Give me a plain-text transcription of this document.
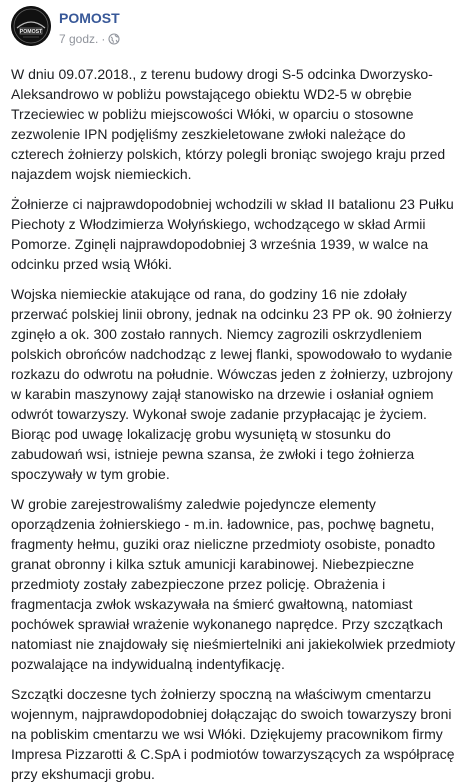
POMOST
POMOST
7 godz. ·

W dniu 09.07.2018., z terenu budowy drogi S-5 odcinka Dworzysko-Aleksandrowo w pobliżu powstającego obiektu WD2-5 w obrębie Trzeciewiec w pobliżu miejscowości Włóki, w oparciu o stosowne zezwolenie IPN podjęliśmy zeszkieletowane zwłoki należące do czterech żołnierzy polskich, którzy polegli broniąc swojego kraju przed najazdem wojsk niemieckich.

Żołnierze ci najprawdopodobniej wchodzili w skład II batalionu 23 Pułku Piechoty z Włodzimierza Wołyńskiego, wchodzącego w skład Armii Pomorze. Zginęli najprawdopodobniej 3 września 1939, w walce na odcinku przed wsią Włóki.

Wojska niemieckie atakujące od rana, do godziny 16 nie zdołały przerwać polskiej linii obrony, jednak na odcinku 23 PP ok. 90 żołnierzy zginęło a ok. 300 zostało rannych. Niemcy zagrozili oskrzydleniem polskich obrońców nadchodząc z lewej flanki, spowodowało to wydanie rozkazu do odwrotu na południe. Wówczas jeden z żołnierzy, uzbrojony w karabin maszynowy zajął stanowisko na drzewie i osłaniał ogniem odwrót towarzyszy. Wykonał swoje zadanie przypłacając je życiem. Biorąc pod uwagę lokalizację grobu wysuniętą w stosunku do zabudowań wsi, istnieje pewna szansa, że zwłoki i tego żołnierza spoczywały w tym grobie.

W grobie zarejestrowaliśmy zaledwie pojedyncze elementy oporządzenia żołnierskiego - m.in. ładownice, pas, pochwę bagnetu, fragmenty hełmu, guziki oraz nieliczne przedmioty osobiste, ponadto granat obronny i kilka sztuk amunicji karabinowej. Niebezpieczne przedmioty zostały zabezpieczone przez policję. Obrażenia i fragmentacja zwłok wskazywała na śmierć gwałtowną, natomiast pochówek sprawiał wrażenie wykonanego naprędce. Przy szczątkach natomiast nie znajdowały się nieśmiertelniki ani jakiekolwiek przedmioty pozwalające na indywidualną indentyfikację.

Szczątki doczesne tych żołnierzy spoczną na właściwym cmentarzu wojennym, najprawdopodobniej dołączając do swoich towarzyszy broni na pobliskim cmentarzu we wsi Włóki. Dziękujemy pracownikom firmy Impresa Pizzarotti & C.SpA i podmiotów towarzyszących za współpracę przy ekshumacji grobu.
